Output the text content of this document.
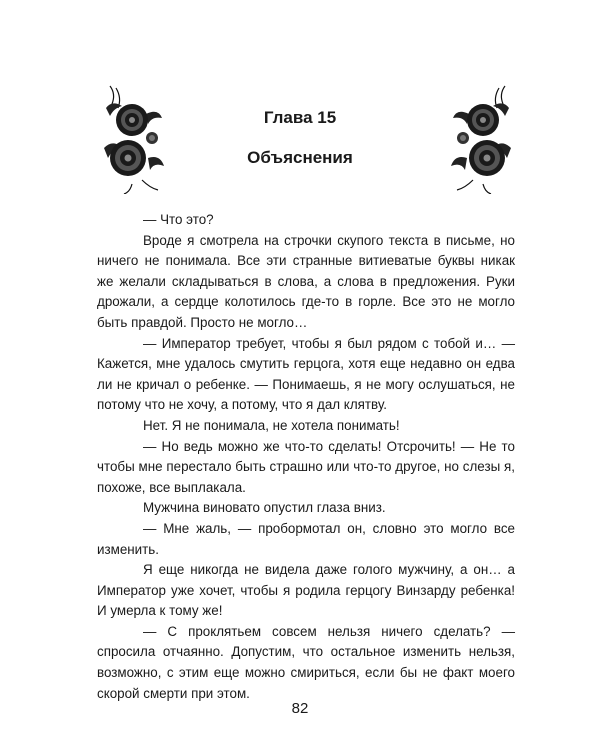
Глава 15
Объяснения

— Что это?

Вроде я смотрела на строчки скупого текста в письме, но ничего не понимала. Все эти странные витиеватые буквы никак же желали складываться в слова, а слова в предложения. Руки дрожали, а сердце колотилось где-то в горле. Все это не могло быть правдой. Просто не могло…

— Император требует, чтобы я был рядом с тобой и… — Кажется, мне удалось смутить герцога, хотя еще недавно он едва ли не кричал о ребенке. — Понимаешь, я не могу ослушаться, не потому что не хочу, а потому, что я дал клятву.

Нет. Я не понимала, не хотела понимать!

— Но ведь можно же что-то сделать! Отсрочить! — Не то чтобы мне перестало быть страшно или что-то другое, но слезы я, похоже, все выплакала.

Мужчина виновато опустил глаза вниз.

— Мне жаль, — пробормотал он, словно это могло все изменить.

Я еще никогда не видела даже голого мужчину, а он… а Император уже хочет, чтобы я родила герцогу Винзарду ребенка! И умерла к тому же!

— С проклятьем совсем нельзя ничего сделать? — спросила отчаянно. Допустим, что остальное изменить нельзя, возможно, с этим еще можно смириться, если бы не факт моего скорой смерти при этом.

82
